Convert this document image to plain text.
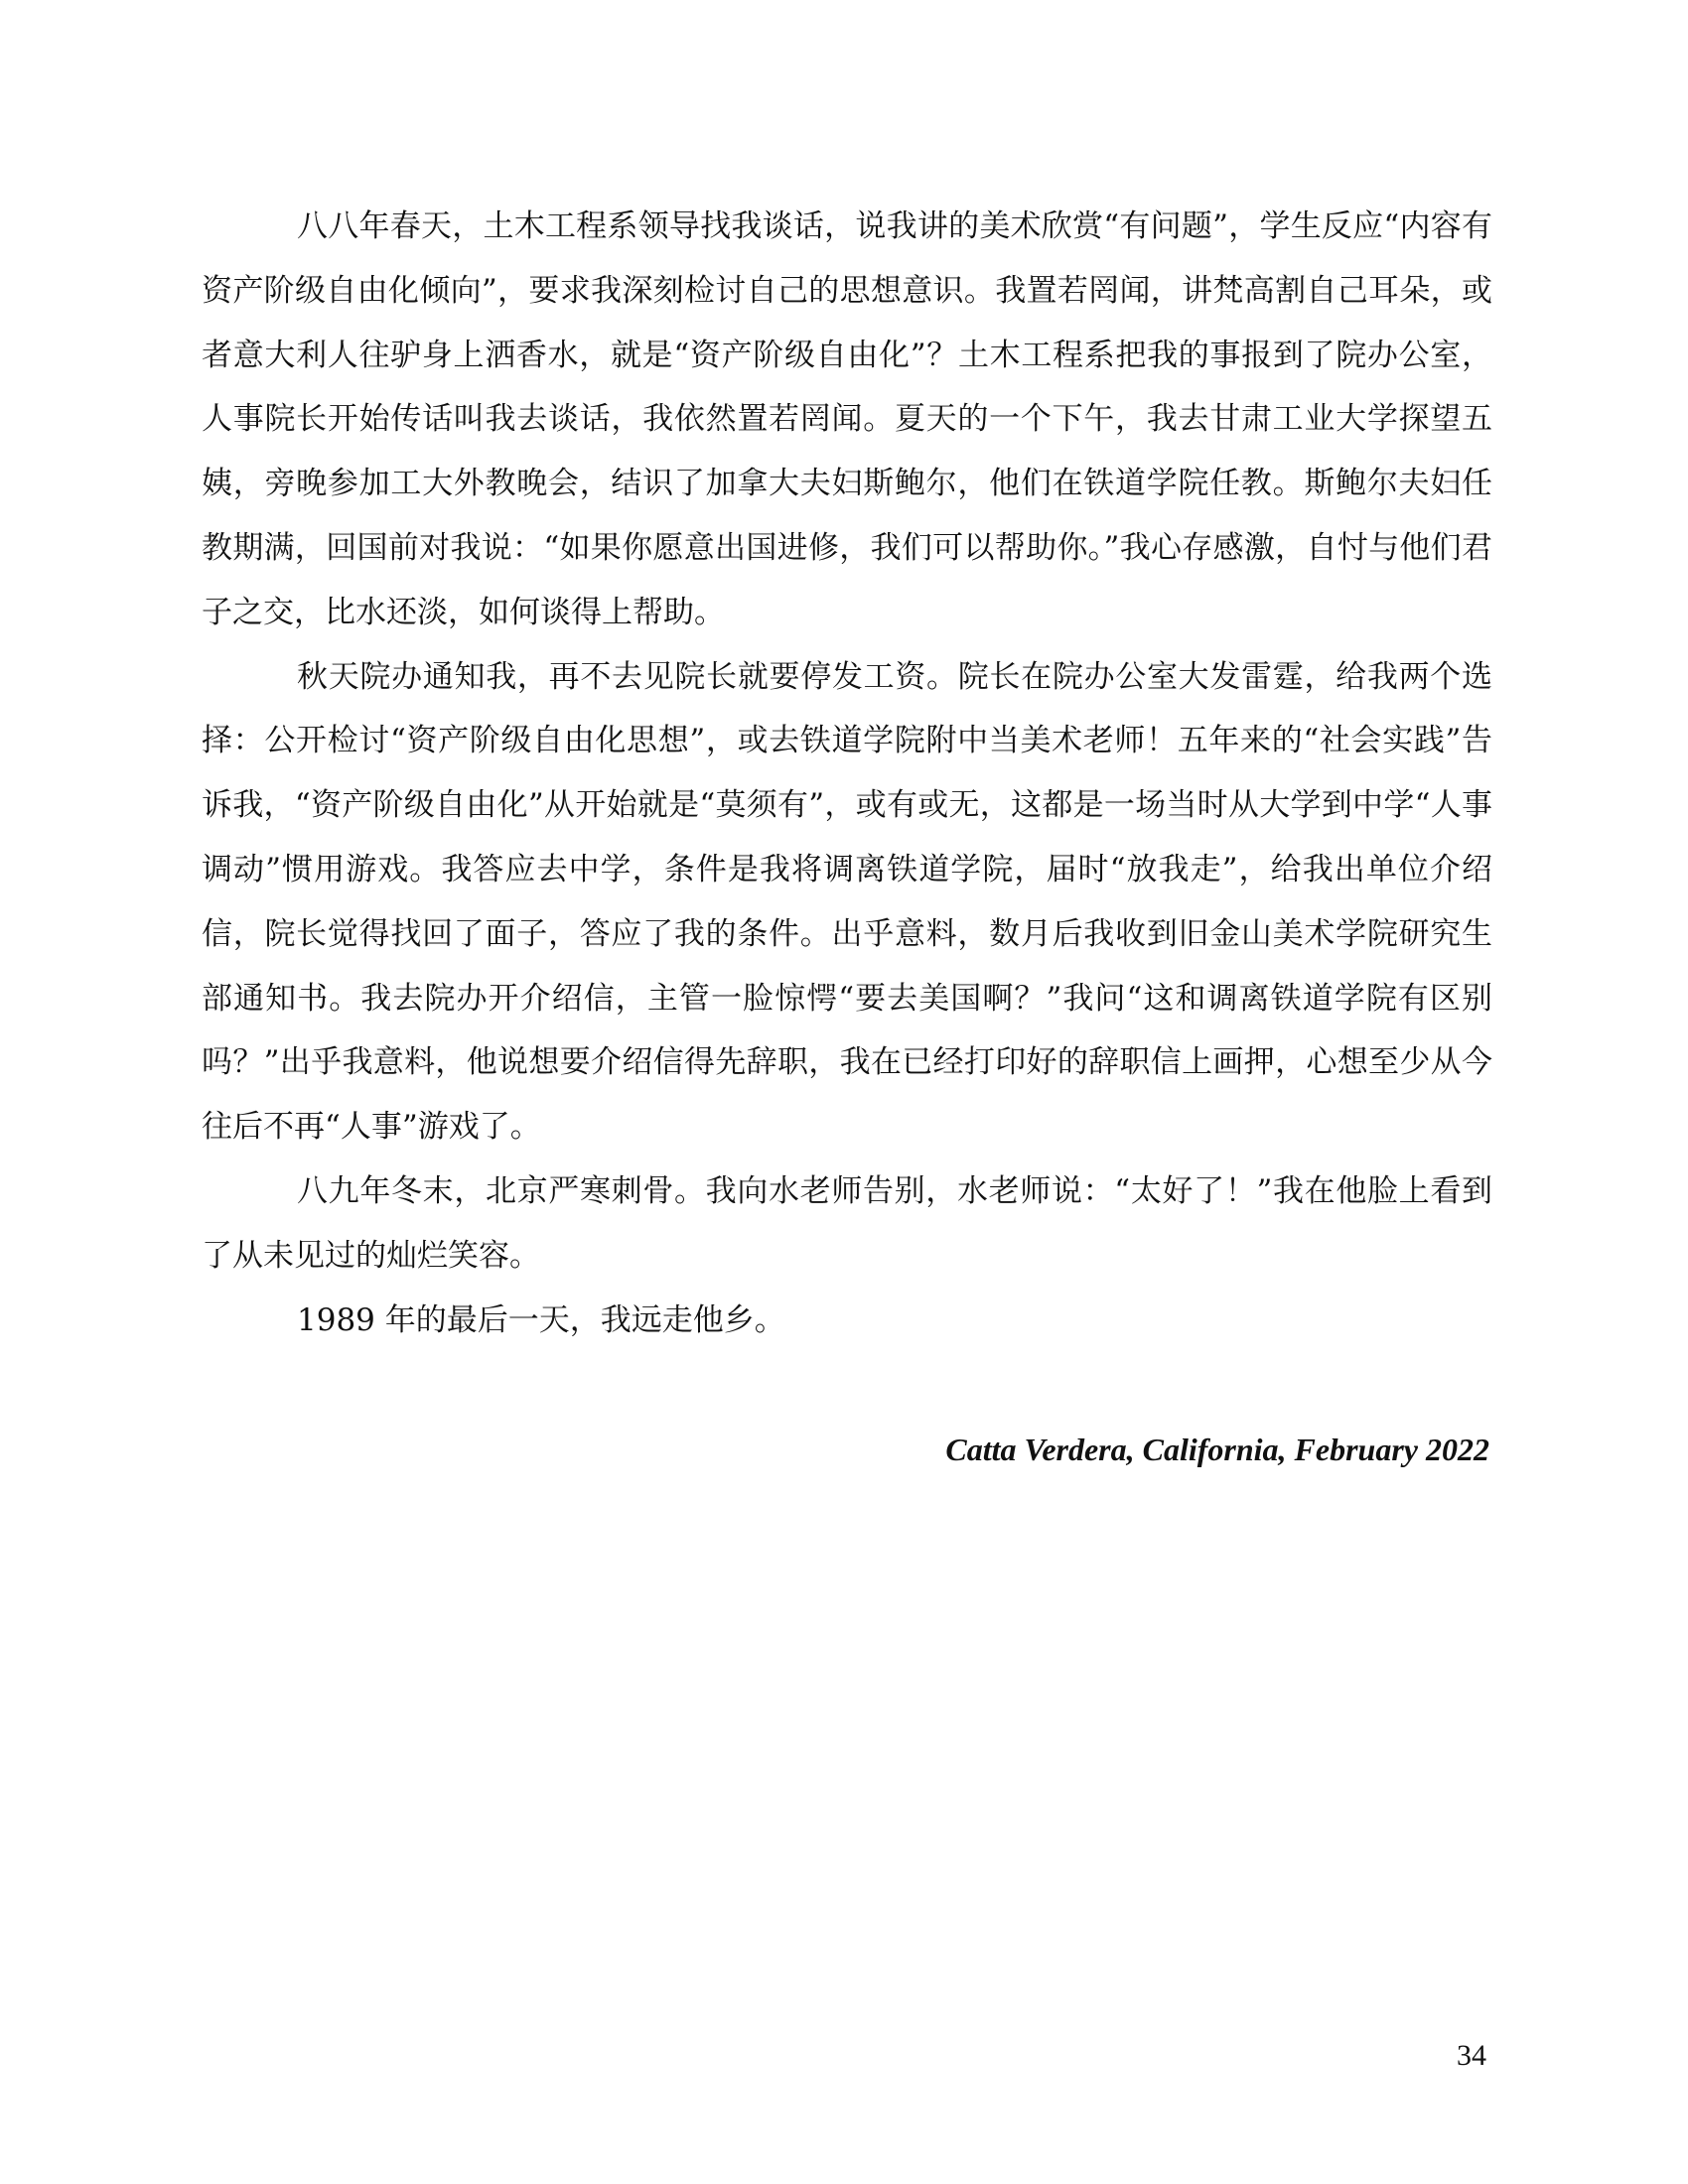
八八年春天，土木工程系领导找我谈话，说我讲的美术欣赏“有问题”，学生反应“内容有资产阶级自由化倾向”，要求我深刻检讨自己的思想意识。我置若罔闻，讲梵高割自己耳朵，或者意大利人往驴身上洒香水，就是“资产阶级自由化”？土木工程系把我的事报到了院办公室，人事院长开始传话叫我去谈话，我依然置若罔闻。夏天的一个下午，我去甘肃工业大学探望五姨，旁晚参加工大外教晚会，结识了加拿大夫妇斯鲍尔，他们在铁道学院任教。斯鲍尔夫妇任教期满，回国前对我说：“如果你愿意出国进修，我们可以帮助你。”我心存感激，自忖与他们君子之交，比水还淡，如何谈得上帮助。

秋天院办通知我，再不去见院长就要停发工资。院长在院办公室大发雷霆，给我两个选择：公开检讨“资产阶级自由化思想”，或去铁道学院附中当美术老师！五年来的“社会实践”告诉我，“资产阶级自由化”从开始就是“莫须有”，或有或无，这都是一场当时从大学到中学“人事调动”惯用游戏。我答应去中学，条件是我将调离铁道学院，届时“放我走”，给我出单位介绍信，院长觉得找回了面子，答应了我的条件。出乎意料，数月后我收到旧金山美术学院研究生部通知书。我去院办开介绍信，主管一脸惊愕“要去美国啊？”我问“这和调离铁道学院有区别吗？”出乎我意料，他说想要介绍信得先辞职，我在已经打印好的辞职信上画押，心想至少从今往后不再“人事”游戏了。

八九年冬末，北京严寒刺骨。我向水老师告别，水老师说：“太好了！”我在他脸上看到了从未见过的灿烂笑容。

1989 年的最后一天，我远走他乡。

Catta Verdera, California, February 2022
34
